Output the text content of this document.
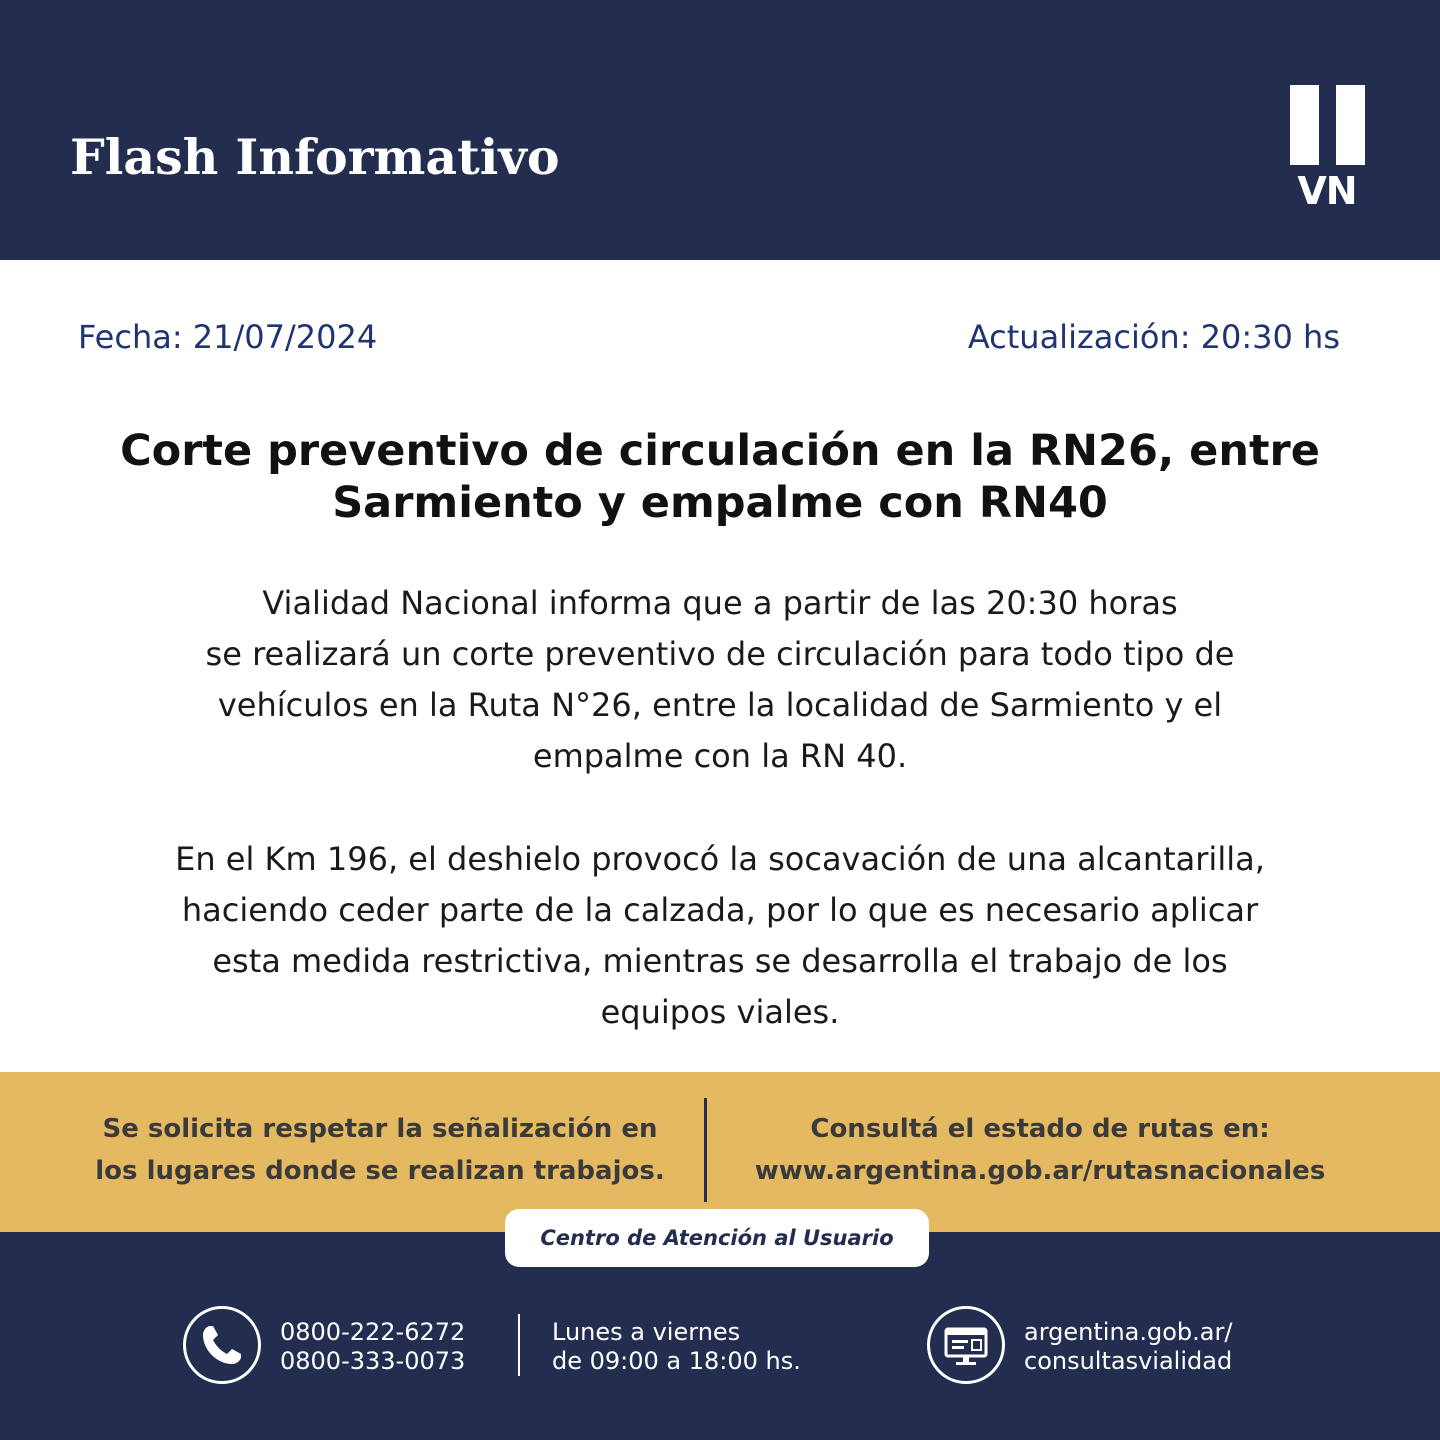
Flash Informativo
VN
Fecha: 21/07/2024	Actualización: 20:30 hs
Corte preventivo de circulación en la RN26, entre
Sarmiento y empalme con RN40
Vialidad Nacional informa que a partir de las 20:30 horas
se realizará un corte preventivo de circulación para todo tipo de
vehículos en la Ruta N°26, entre la localidad de Sarmiento y el
empalme con la RN 40.
En el Km 196, el deshielo provocó la socavación de una alcantarilla,
haciendo ceder parte de la calzada, por lo que es necesario aplicar
esta medida restrictiva, mientras se desarrolla el trabajo de los
equipos viales.
Se solicita respetar la señalización en
los lugares donde se realizan trabajos.
Consultá el estado de rutas en:
www.argentina.gob.ar/rutasnacionales
Centro de Atención al Usuario
0800-222-6272
0800-333-0073
Lunes a viernes
de 09:00 a 18:00 hs.
argentina.gob.ar/
consultasvialidad
